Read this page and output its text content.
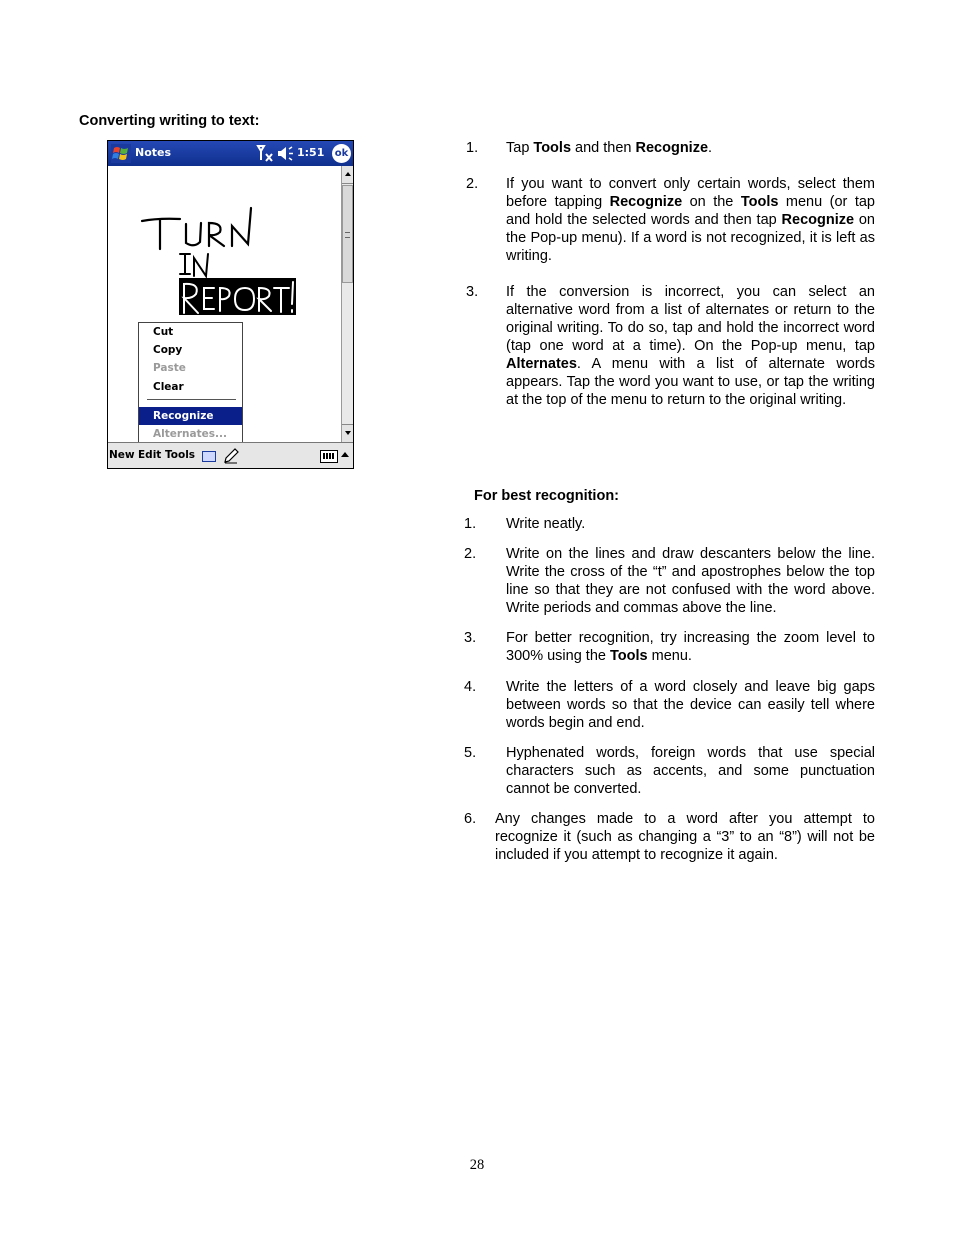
Converting writing to text:
Notes	1:51 ok
Cut
Copy
Paste
Clear
Recognize
Alternates...
New Edit Tools
1. Tap Tools and then Recognize.
2. If you want to convert only certain words, select them before tapping Recognize on the Tools menu (or tap and hold the selected words and then tap Recognize on the Pop-up menu). If a word is not recognized, it is left as writing.
3. If the conversion is incorrect, you can select an alternative word from a list of alternates or return to the original writing. To do so, tap and hold the incorrect word (tap one word at a time). On the Pop-up menu, tap Alternates. A menu with a list of alternate words appears. Tap the word you want to use, or tap the writing at the top of the menu to return to the original writing.
For best recognition:
1. Write neatly.
2. Write on the lines and draw descanters below the line. Write the cross of the “t” and apostrophes below the top line so that they are not confused with the word above. Write periods and commas above the line.
3. For better recognition, try increasing the zoom level to 300% using the Tools menu.
4. Write the letters of a word closely and leave big gaps between words so that the device can easily tell where words begin and end.
5. Hyphenated words, foreign words that use special characters such as accents, and some punctuation cannot be converted.
6. Any changes made to a word after you attempt to recognize it (such as changing a “3” to an “8”) will not be included if you attempt to recognize it again.
28
